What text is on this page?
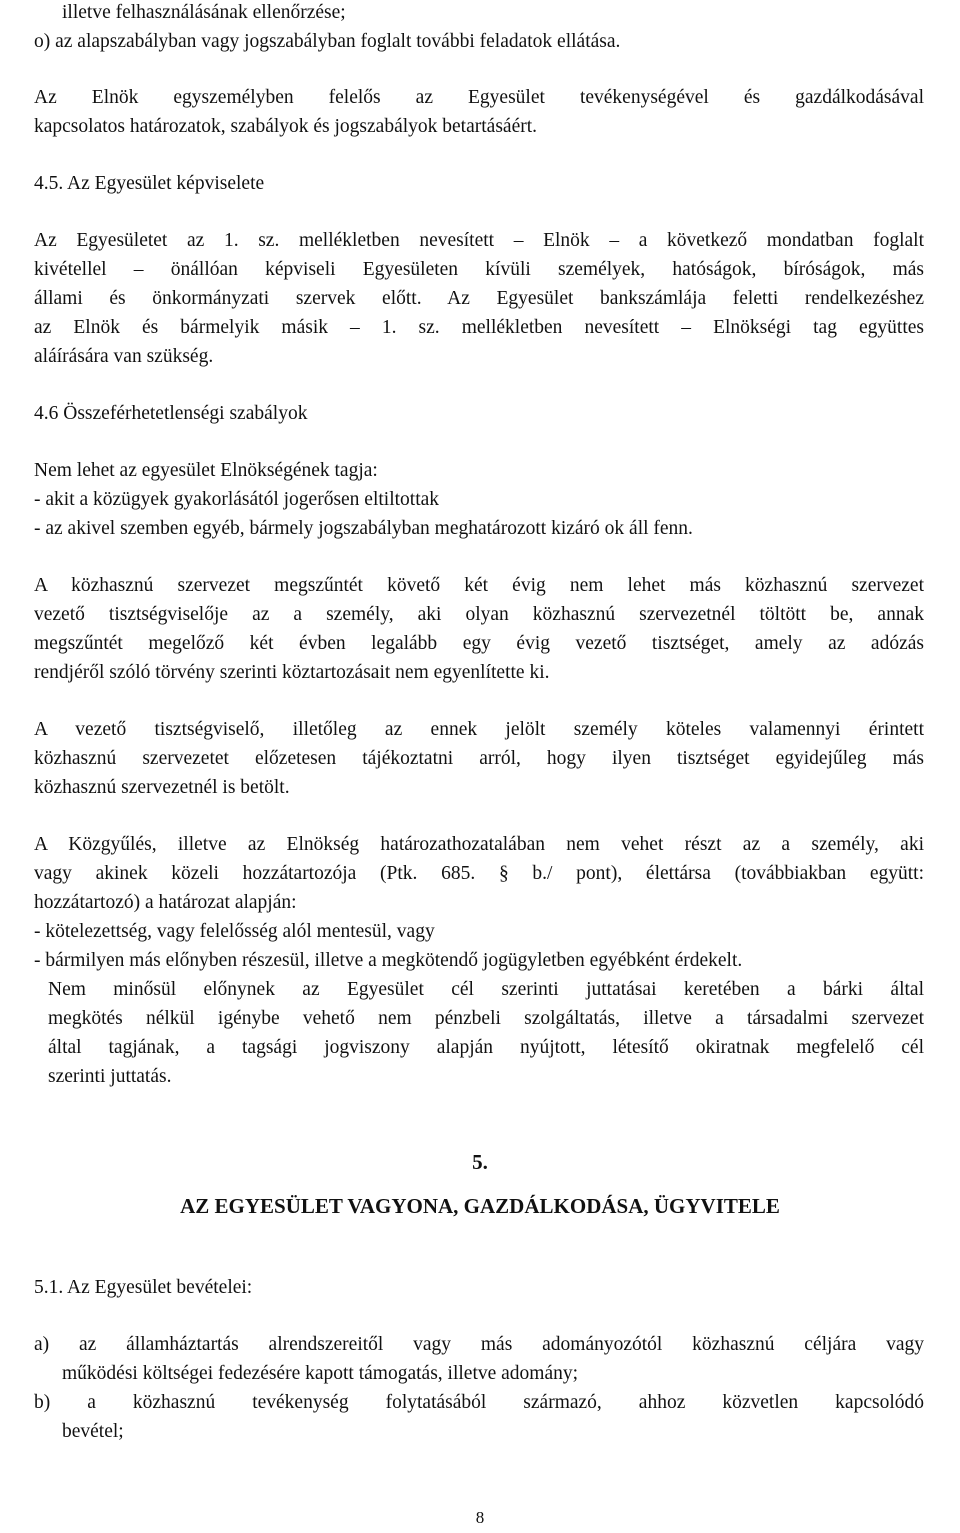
illetve felhasználásának ellenőrzése;
o) az alapszabályban vagy jogszabályban foglalt további feladatok ellátása.
Az Elnök egyszemélyben felelős az Egyesület tevékenységével és gazdálkodásával
kapcsolatos határozatok, szabályok és jogszabályok betartásáért.
4.5. Az Egyesület képviselete
Az Egyesületet az 1. sz. mellékletben nevesített – Elnök – a következő mondatban foglalt
kivétellel – önállóan képviseli Egyesületen kívüli személyek, hatóságok, bíróságok, más
állami és önkormányzati szervek előtt. Az Egyesület bankszámlája feletti rendelkezéshez
az Elnök és bármelyik másik – 1. sz. mellékletben nevesített – Elnökségi tag együttes
aláírására van szükség.
4.6 Összeférhetetlenségi szabályok
Nem lehet az egyesület Elnökségének tagja:
- akit a közügyek gyakorlásától jogerősen eltiltottak
- az akivel szemben egyéb, bármely jogszabályban meghatározott kizáró ok áll fenn.
A közhasznú szervezet megszűntét követő két évig nem lehet más közhasznú szervezet
vezető tisztségviselője az a személy, aki olyan közhasznú szervezetnél töltött be, annak
megszűntét megelőző két évben legalább egy évig vezető tisztséget, amely az adózás
rendjéről szóló törvény szerinti köztartozásait nem egyenlítette ki.
A vezető tisztségviselő, illetőleg az ennek jelölt személy köteles valamennyi érintett
közhasznú szervezetet előzetesen tájékoztatni arról, hogy ilyen tisztséget egyidejűleg más
közhasznú szervezetnél is betölt.
A Közgyűlés, illetve az Elnökség határozathozatalában nem vehet részt az a személy, aki
vagy akinek közeli hozzátartozója (Ptk. 685. § b./ pont), élettársa (továbbiakban együtt:
hozzátartozó) a határozat alapján:
- kötelezettség, vagy felelősség alól mentesül, vagy
- bármilyen más előnyben részesül, illetve a megkötendő jogügyletben egyébként érdekelt.
Nem minősül előnynek az Egyesület cél szerinti juttatásai keretében a bárki által
megkötés nélkül igénybe vehető nem pénzbeli szolgáltatás, illetve a társadalmi szervezet
által tagjának, a tagsági jogviszony alapján nyújtott, létesítő okiratnak megfelelő cél
szerinti juttatás.
5.
AZ EGYESÜLET VAGYONA, GAZDÁLKODÁSA, ÜGYVITELE
5.1. Az Egyesület bevételei:
a) az államháztartás alrendszereitől vagy más adományozótól közhasznú céljára vagy
működési költségei fedezésére kapott támogatás, illetve adomány;
b) a közhasznú tevékenység folytatásából származó, ahhoz közvetlen kapcsolódó
bevétel;
8
